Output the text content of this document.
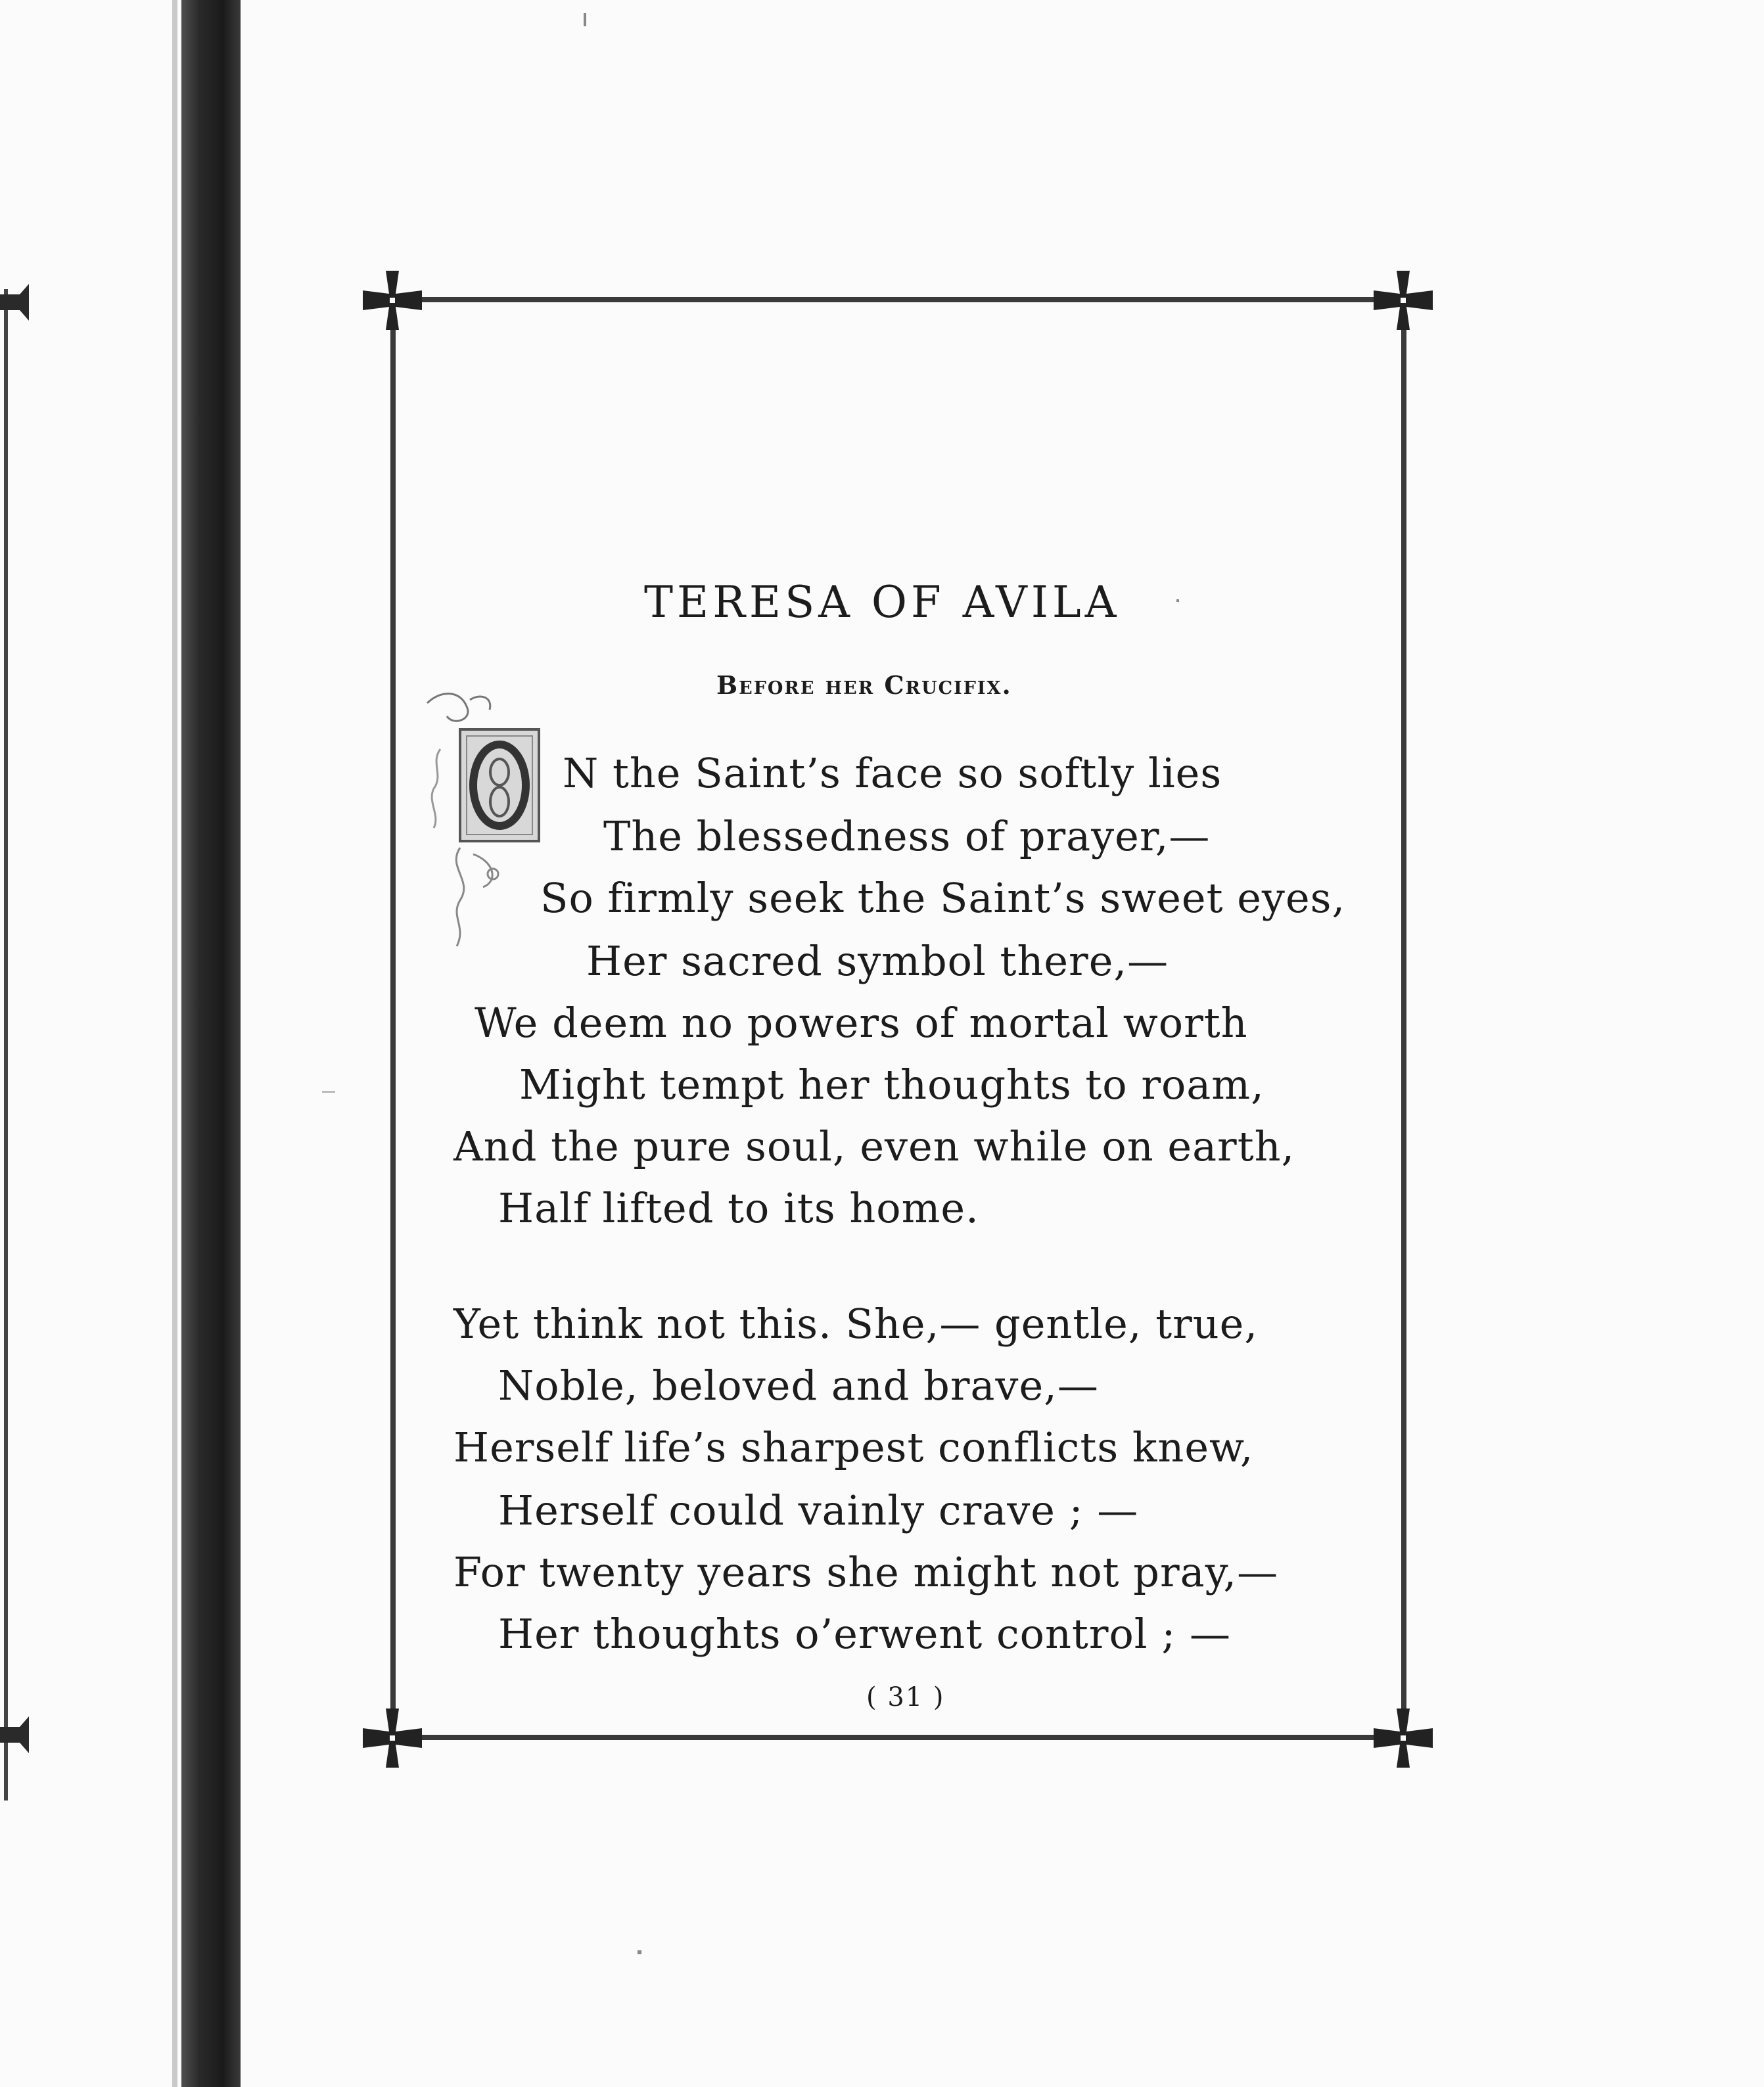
TERESA OF AVILA
Before her Crucifix.
O
N the Saint’s face so softly lies
The blessedness of prayer,—
So firmly seek the Saint’s sweet eyes,
Her sacred symbol there,—
We deem no powers of mortal worth
Might tempt her thoughts to roam,
And the pure soul, even while on earth,
Half lifted to its home.
Yet think not this. She,— gentle, true,
Noble, beloved and brave,—
Herself life’s sharpest conflicts knew,
Herself could vainly crave ; —
For twenty years she might not pray,—
Her thoughts o’erwent control ; —
( 31 )
